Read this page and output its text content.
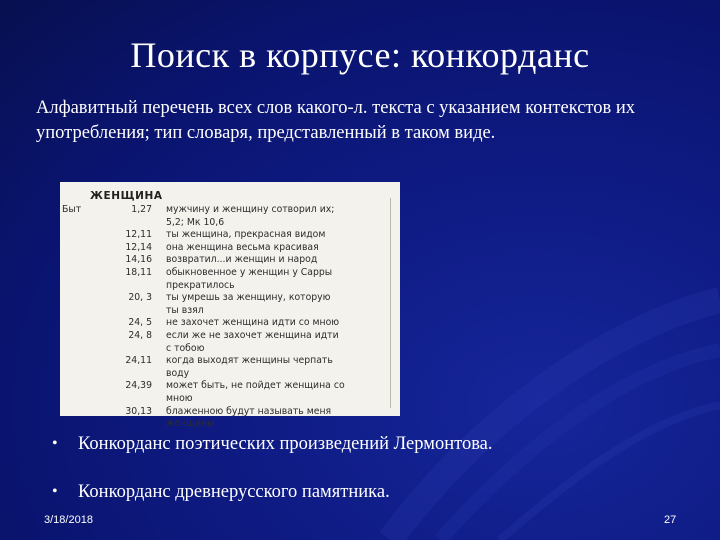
Поиск в корпусе: конкорданс
Алфавитный перечень всех слов какого-л. текста с указанием контекстов их употребления; тип словаря, представленный в таком виде.
ЖЕНЩИНА
Быт	1,27 мужчину и женщину сотворил их;
5,2; Мк 10,6
12,11 ты женщина, прекрасная видом
12,14 она женщина весьма красивая
14,16 возвратил...и женщин и народ
18,11 обыкновенное у женщин у Сарры
прекратилось
20, 3 ты умрешь за женщину, которую
ты взял
24, 5 не захочет женщина идти со мною
24, 8 если же не захочет женщина идти
с тобою
24,11 когда выходят женщины черпать
воду
24,39 может быть, не пойдет женщина со
мною
30,13 блаженною будут называть меня
женщины
• Конкорданс поэтических произведений Лермонтова.
• Конкорданс древнерусского памятника.
3/18/2018	27
